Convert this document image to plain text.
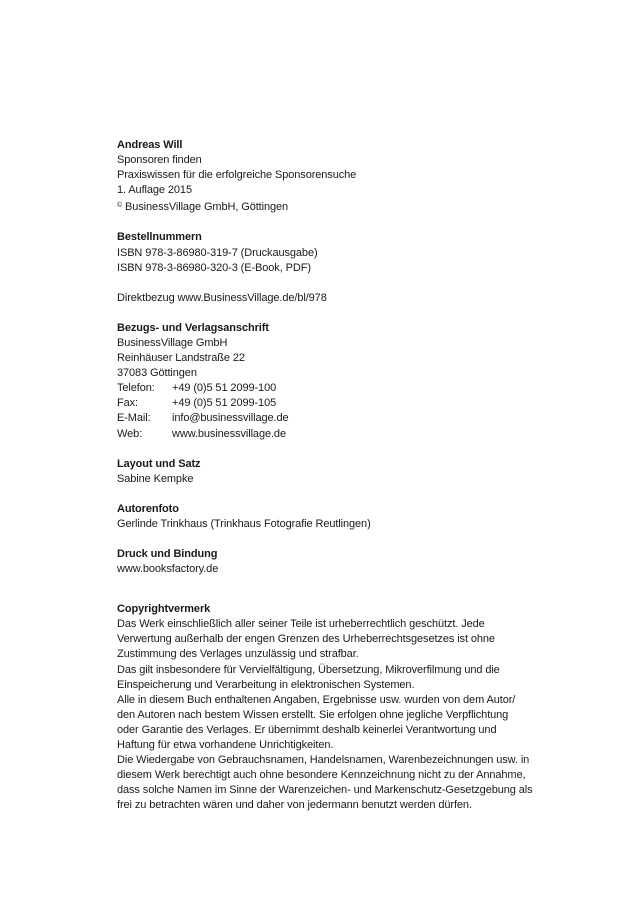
Andreas Will
Sponsoren finden
Praxiswissen für die erfolgreiche Sponsorensuche
1. Auflage 2015
© BusinessVillage GmbH, Göttingen
Bestellnummern
ISBN 978-3-86980-319-7 (Druckausgabe)
ISBN 978-3-86980-320-3 (E-Book, PDF)
Direktbezug www.BusinessVillage.de/bl/978
Bezugs- und Verlagsanschrift
BusinessVillage GmbH
Reinhäuser Landstraße 22
37083 Göttingen
Telefon:	+49 (0)5 51 2099-100
Fax:	+49 (0)5 51 2099-105
E-Mail:	info@businessvillage.de
Web:	www.businessvillage.de
Layout und Satz
Sabine Kempke
Autorenfoto
Gerlinde Trinkhaus (Trinkhaus Fotografie Reutlingen)
Druck und Bindung
www.booksfactory.de
Copyrightvermerk
Das Werk einschließlich aller seiner Teile ist urheberrechtlich geschützt. Jede
Verwertung außerhalb der engen Grenzen des Urheberrechtsgesetzes ist ohne
Zustimmung des Verlages unzulässig und strafbar.
Das gilt insbesondere für Vervielfältigung, Übersetzung, Mikroverfilmung und die
Einspeicherung und Verarbeitung in elektronischen Systemen.
Alle in diesem Buch enthaltenen Angaben, Ergebnisse usw. wurden von dem Autor/
den Autoren nach bestem Wissen erstellt. Sie erfolgen ohne jegliche Verpflichtung
oder Garantie des Verlages. Er übernimmt deshalb keinerlei Verantwortung und
Haftung für etwa vorhandene Unrichtigkeiten.
Die Wiedergabe von Gebrauchsnamen, Handelsnamen, Warenbezeichnungen usw. in
diesem Werk berechtigt auch ohne besondere Kennzeichnung nicht zu der Annahme,
dass solche Namen im Sinne der Warenzeichen- und Markenschutz-Gesetzgebung als
frei zu betrachten wären und daher von jedermann benutzt werden dürfen.
